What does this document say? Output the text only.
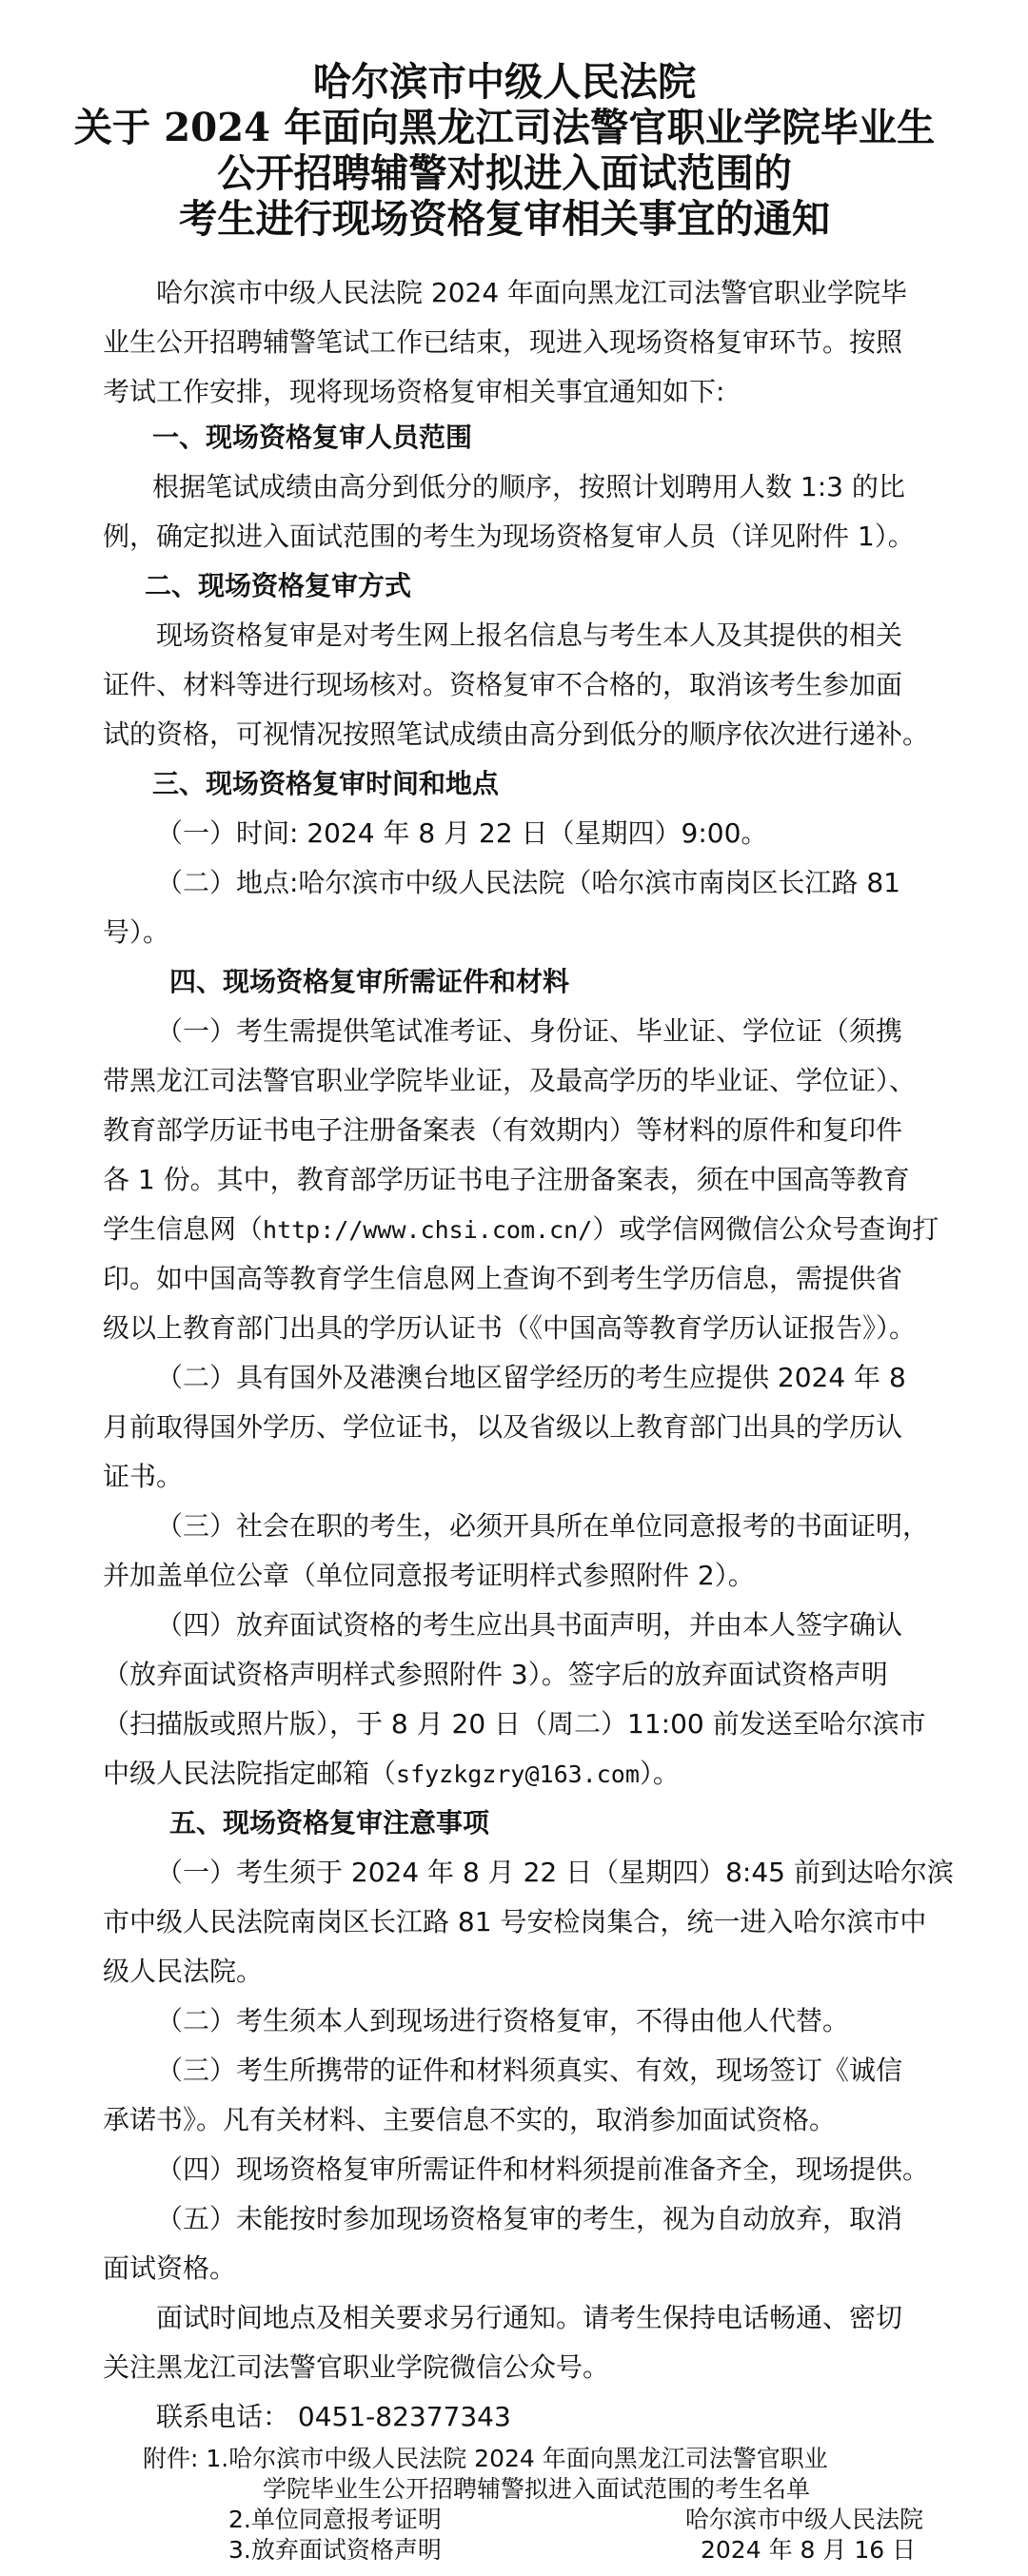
哈尔滨市中级人民法院
关于 2024 年面向黑龙江司法警官职业学院毕业生
公开招聘辅警对拟进入面试范围的
考生进行现场资格复审相关事宜的通知
哈尔滨市中级人民法院 2024 年面向黑龙江司法警官职业学院毕
业生公开招聘辅警笔试工作已结束，现进入现场资格复审环节。按照
考试工作安排，现将现场资格复审相关事宜通知如下:
一、现场资格复审人员范围
根据笔试成绩由高分到低分的顺序，按照计划聘用人数 1:3 的比
例，确定拟进入面试范围的考生为现场资格复审人员（详见附件 1）。
二、现场资格复审方式
现场资格复审是对考生网上报名信息与考生本人及其提供的相关
证件、材料等进行现场核对。资格复审不合格的，取消该考生参加面
试的资格，可视情况按照笔试成绩由高分到低分的顺序依次进行递补。
三、现场资格复审时间和地点
（一）时间: 2024 年 8 月 22 日（星期四）9:00。
（二）地点:哈尔滨市中级人民法院（哈尔滨市南岗区长江路 81
号）。
四、现场资格复审所需证件和材料
（一）考生需提供笔试准考证、身份证、毕业证、学位证（须携
带黑龙江司法警官职业学院毕业证，及最高学历的毕业证、学位证）、
教育部学历证书电子注册备案表（有效期内）等材料的原件和复印件
各 1 份。其中，教育部学历证书电子注册备案表，须在中国高等教育
学生信息网（http://www.chsi.com.cn/）或学信网微信公众号查询打
印。如中国高等教育学生信息网上查询不到考生学历信息，需提供省
级以上教育部门出具的学历认证书（《中国高等教育学历认证报告》）。
（二）具有国外及港澳台地区留学经历的考生应提供 2024 年 8
月前取得国外学历、学位证书，以及省级以上教育部门出具的学历认
证书。
（三）社会在职的考生，必须开具所在单位同意报考的书面证明，
并加盖单位公章（单位同意报考证明样式参照附件 2）。
（四）放弃面试资格的考生应出具书面声明，并由本人签字确认
（放弃面试资格声明样式参照附件 3）。签字后的放弃面试资格声明
（扫描版或照片版），于 8 月 20 日（周二）11:00 前发送至哈尔滨市
中级人民法院指定邮箱（sfyzkgzry@163.com）。
五、现场资格复审注意事项
（一）考生须于 2024 年 8 月 22 日（星期四）8:45 前到达哈尔滨
市中级人民法院南岗区长江路 81 号安检岗集合，统一进入哈尔滨市中
级人民法院。
（二）考生须本人到现场进行资格复审，不得由他人代替。
（三）考生所携带的证件和材料须真实、有效，现场签订《诚信
承诺书》。凡有关材料、主要信息不实的，取消参加面试资格。
（四）现场资格复审所需证件和材料须提前准备齐全，现场提供。
（五）未能按时参加现场资格复审的考生，视为自动放弃，取消
面试资格。
面试时间地点及相关要求另行通知。请考生保持电话畅通、密切
关注黑龙江司法警官职业学院微信公众号。
联系电话： 0451-82377343
附件: 1.哈尔滨市中级人民法院 2024 年面向黑龙江司法警官职业
学院毕业生公开招聘辅警拟进入面试范围的考生名单
2.单位同意报考证明
3.放弃面试资格声明
哈尔滨市中级人民法院
2024 年 8 月 16 日
